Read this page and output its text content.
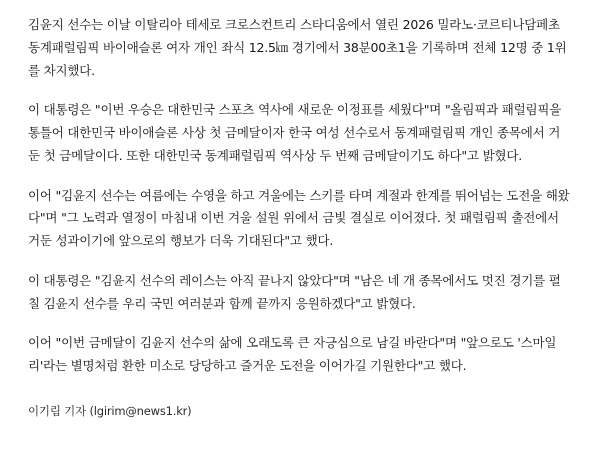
김윤지 선수는 이날 이탈리아 테세로 크로스컨트리 스타디움에서 열린 2026 밀라노·코르티나담페초 동계패럴림픽 바이애슬론 여자 개인 좌식 12.5㎞ 경기에서 38분00초1을 기록하며 전체 12명 중 1위를 차지했다.

이 대통령은 "이번 우승은 대한민국 스포츠 역사에 새로운 이정표를 세웠다"며 "올림픽과 패럴림픽을 통틀어 대한민국 바이애슬론 사상 첫 금메달이자 한국 여성 선수로서 동계패럴림픽 개인 종목에서 거둔 첫 금메달이다. 또한 대한민국 동계패럴림픽 역사상 두 번째 금메달이기도 하다"고 밝혔다.

이어 "김윤지 선수는 여름에는 수영을 하고 겨울에는 스키를 타며 계절과 한계를 뛰어넘는 도전을 해왔다"며 "그 노력과 열정이 마침내 이번 겨울 설원 위에서 금빛 결실로 이어졌다. 첫 패럴림픽 출전에서 거둔 성과이기에 앞으로의 행보가 더욱 기대된다"고 했다.

이 대통령은 "김윤지 선수의 레이스는 아직 끝나지 않았다"며 "남은 네 개 종목에서도 멋진 경기를 펼칠 김윤지 선수를 우리 국민 여러분과 함께 끝까지 응원하겠다"고 밝혔다.

이어 "이번 금메달이 김윤지 선수의 삶에 오래도록 큰 자긍심으로 남길 바란다"며 "앞으로도 '스마일리'라는 별명처럼 환한 미소로 당당하고 즐거운 도전을 이어가길 기원한다"고 했다.

이기림 기자 (lgirim@news1.kr)
